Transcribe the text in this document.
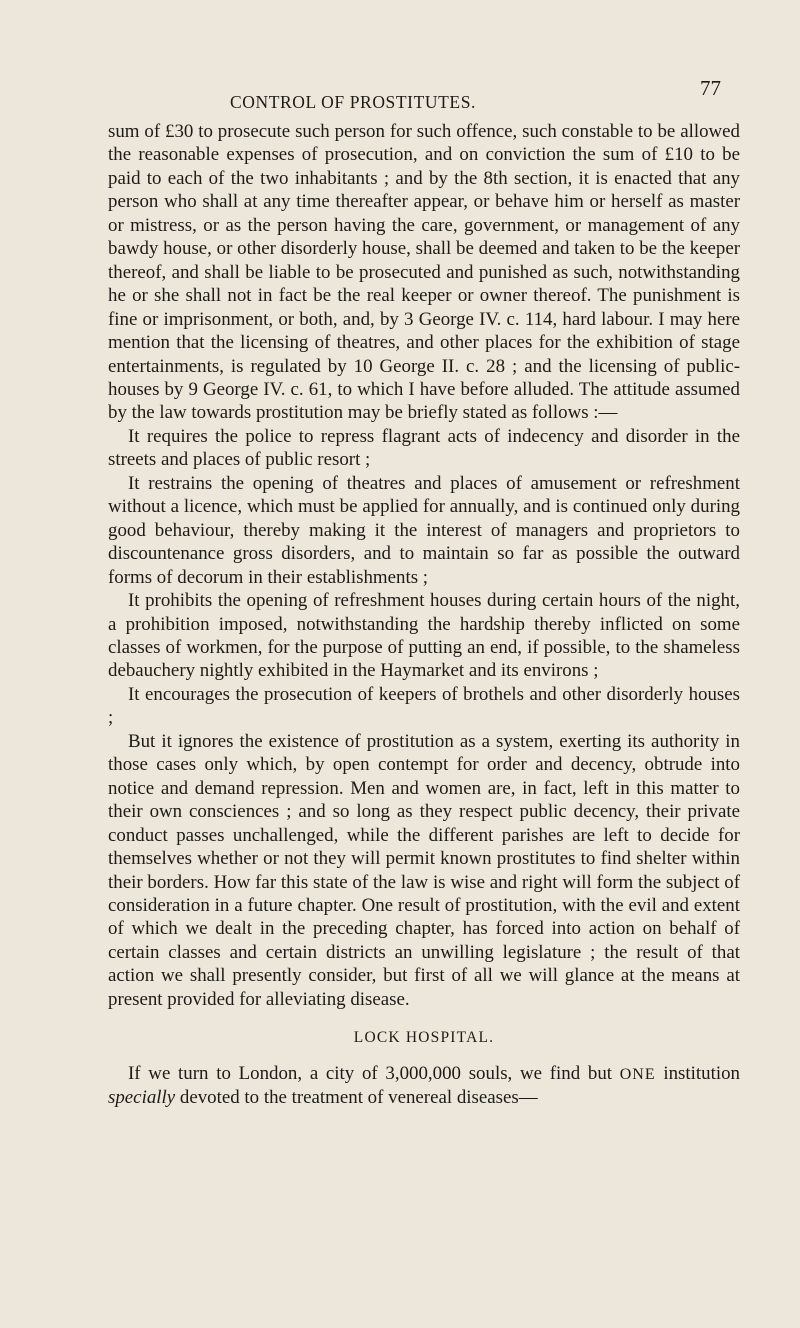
CONTROL OF PROSTITUTES.
77

sum of £30 to prosecute such person for such offence, such constable to be allowed the reasonable expenses of prosecution, and on conviction the sum of £10 to be paid to each of the two inhabitants ; and by the 8th section, it is enacted that any person who shall at any time thereafter appear, or behave him or herself as master or mistress, or as the person having the care, government, or management of any bawdy house, or other disorderly house, shall be deemed and taken to be the keeper thereof, and shall be liable to be prosecuted and punished as such, notwithstanding he or she shall not in fact be the real keeper or owner thereof. The punishment is fine or imprisonment, or both, and, by 3 George IV. c. 114, hard labour. I may here mention that the licensing of theatres, and other places for the exhibition of stage entertainments, is regulated by 10 George II. c. 28 ; and the licensing of public-houses by 9 George IV. c. 61, to which I have before alluded. The attitude assumed by the law towards prostitution may be briefly stated as follows :—

It requires the police to repress flagrant acts of indecency and disorder in the streets and places of public resort ;

It restrains the opening of theatres and places of amusement or refreshment without a licence, which must be applied for annually, and is continued only during good behaviour, thereby making it the interest of managers and proprietors to discountenance gross disorders, and to maintain so far as possible the outward forms of decorum in their establishments ;

It prohibits the opening of refreshment houses during certain hours of the night, a prohibition imposed, notwithstanding the hardship thereby inflicted on some classes of workmen, for the purpose of putting an end, if possible, to the shameless debauchery nightly exhibited in the Haymarket and its environs ;

It encourages the prosecution of keepers of brothels and other disorderly houses ;

But it ignores the existence of prostitution as a system, exerting its authority in those cases only which, by open contempt for order and decency, obtrude into notice and demand repression. Men and women are, in fact, left in this matter to their own consciences ; and so long as they respect public decency, their private conduct passes unchallenged, while the different parishes are left to decide for themselves whether or not they will permit known prostitutes to find shelter within their borders. How far this state of the law is wise and right will form the subject of consideration in a future chapter. One result of prostitution, with the evil and extent of which we dealt in the preceding chapter, has forced into action on behalf of certain classes and certain districts an unwilling legislature ; the result of that action we shall presently consider, but first of all we will glance at the means at present provided for alleviating disease.

LOCK HOSPITAL.

If we turn to London, a city of 3,000,000 souls, we find but ONE institution specially devoted to the treatment of venereal diseases—
